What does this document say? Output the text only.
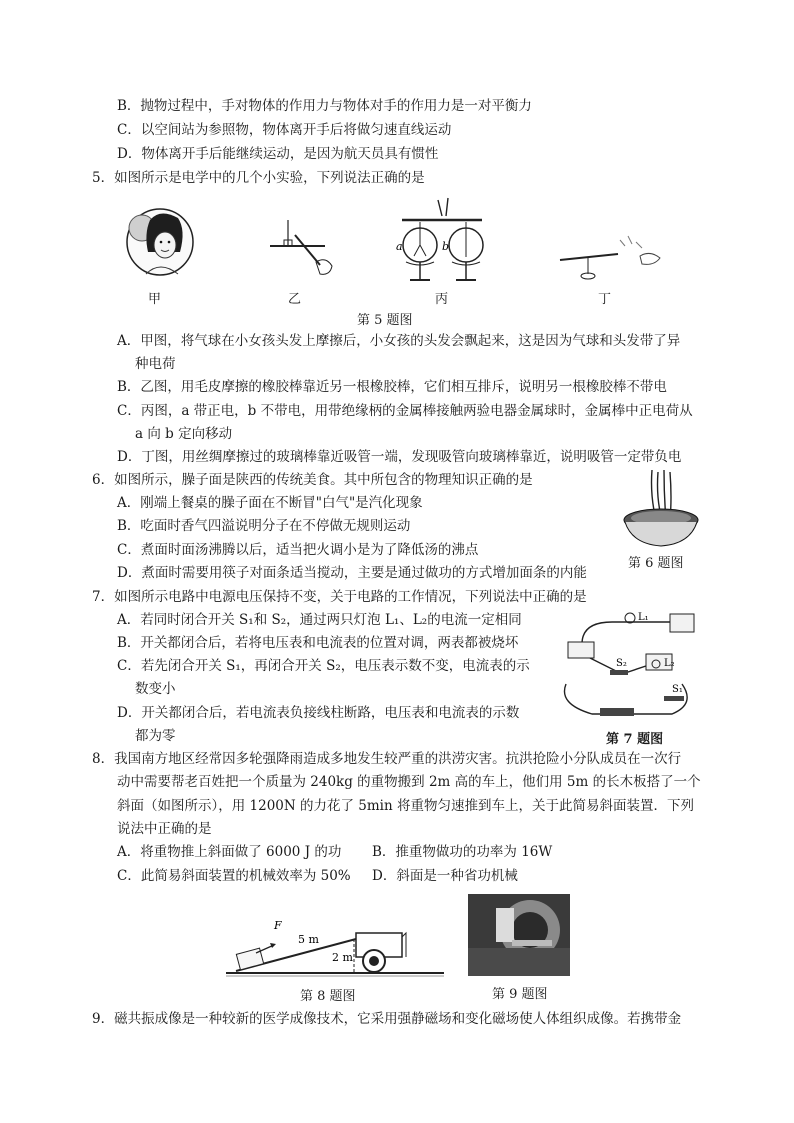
B．抛物过程中，手对物体的作用力与物体对手的作用力是一对平衡力
C．以空间站为参照物，物体离开手后将做匀速直线运动
D．物体离开手后能继续运动，是因为航天员具有惯性
5．如图所示是电学中的几个小实验，下列说法正确的是
a	b
甲	乙	丙	丁
第 5 题图
A．甲图，将气球在小女孩头发上摩擦后，小女孩的头发会飘起来，这是因为气球和头发带了异
种电荷
B．乙图，用毛皮摩擦的橡胶棒靠近另一根橡胶棒，它们相互排斥，说明另一根橡胶棒不带电
C．丙图，a 带正电，b 不带电，用带绝缘柄的金属棒接触两验电器金属球时，金属棒中正电荷从
a 向 b 定向移动
D．丁图，用丝绸摩擦过的玻璃棒靠近吸管一端，发现吸管向玻璃棒靠近，说明吸管一定带负电
6．如图所示，臊子面是陕西的传统美食。其中所包含的物理知识正确的是
A．刚端上餐桌的臊子面在不断冒"白气"是汽化现象
B．吃面时香气四溢说明分子在不停做无规则运动
C．煮面时面汤沸腾以后，适当把火调小是为了降低汤的沸点
D．煮面时需要用筷子对面条适当搅动，主要是通过做功的方式增加面条的内能
第 6 题图
7．如图所示电路中电源电压保持不变，关于电路的工作情况，下列说法中正确的是
A．若同时闭合开关 S₁和 S₂，通过两只灯泡 L₁、L₂的电流一定相同
B．开关都闭合后，若将电压表和电流表的位置对调，两表都被烧坏
C．若先闭合开关 S₁，再闭合开关 S₂，电压表示数不变，电流表的示
数变小
D．开关都闭合后，若电流表负接线柱断路，电压表和电流表的示数
都为零
L₁
L₂
S₂
S₁
第 7 题图
8．我国南方地区经常因多轮强降雨造成多地发生较严重的洪涝灾害。抗洪抢险小分队成员在一次行
动中需要帮老百姓把一个质量为 240kg 的重物搬到 2m 高的车上，他们用 5m 的长木板搭了一个
斜面（如图所示），用 1200N 的力花了 5min 将重物匀速推到车上，关于此简易斜面装置．下列
说法中正确的是
A．将重物推上斜面做了 6000 J 的功 B．推重物做功的功率为 16W
C．此简易斜面装置的机械效率为 50% D．斜面是一种省功机械
F
5 m
2 m
第 8 题图	第 9 题图
9．磁共振成像是一种较新的医学成像技术，它采用强静磁场和变化磁场使人体组织成像。若携带金
